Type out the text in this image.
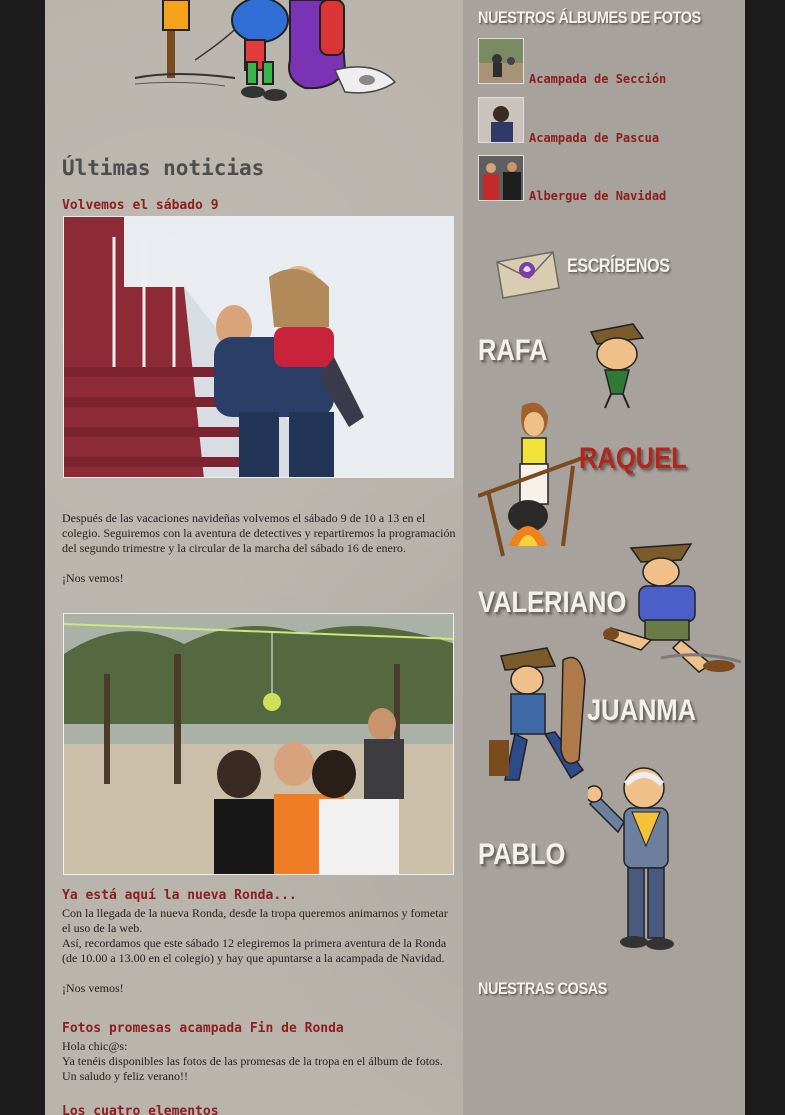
Últimas noticias
Volvemos el sábado 9

Después de las vacaciones navideñas volvemos el sábado 9 de 10 a 13 en el colegio. Seguiremos con la aventura de detectives y repartiremos la programación del segundo trimestre y la circular de la marcha del sábado 16 de enero.

¡Nos vemos!

Ya está aquí la nueva Ronda...

Con la llegada de la nueva Ronda, desde la tropa queremos animarnos y fometar el uso de la web.

Así, recordamos que este sábado 12 elegiremos la primera aventura de la Ronda (de 10.00 a 13.00 en el colegio) y hay que apuntarse a la acampada de Navidad.

¡Nos vemos!

Fotos promesas acampada Fin de Ronda

Hola chic@s:

Ya tenéis disponibles las fotos de las promesas de la tropa en el álbum de fotos.

Un saludo y feliz verano!!

Los cuatro elementos
NUESTROS ÁLBUMES DE FOTOS
Acampada de Sección
Acampada de Pascua
Albergue de Navidad
ESCRÍBENOS
RAFA
RAQUEL
VALERIANO
JUANMA
PABLO
NUESTRAS COSAS
